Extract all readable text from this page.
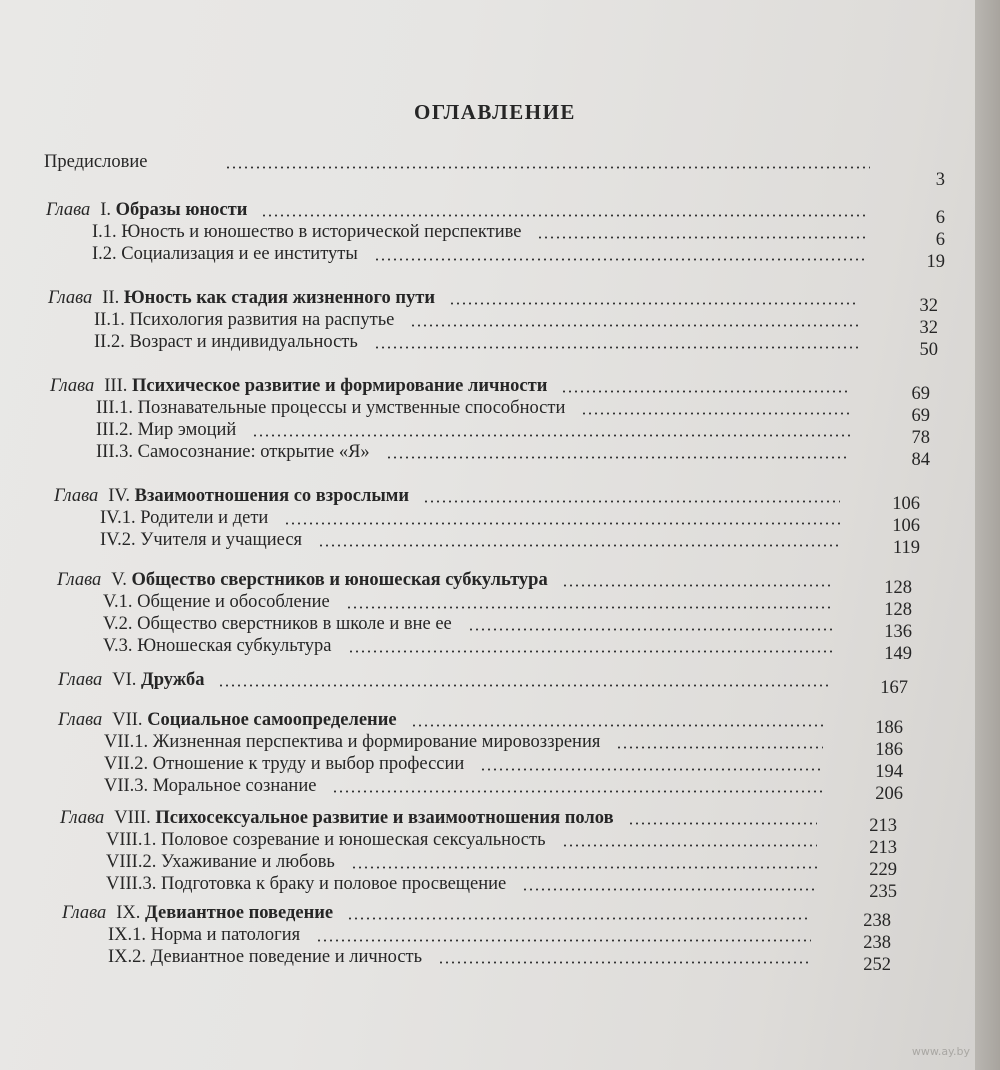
ОГЛАВЛЕНИЕ
3
Предисловие
6
Глава I. Образы юности
6
I.1. Юность и юношество в исторической перспективе
19
I.2. Социализация и ее институты
32
Глава II. Юность как стадия жизненного пути
32
II.1. Психология развития на распутье
50
II.2. Возраст и индивидуальность
69
Глава III. Психическое развитие и формирование личности
69
III.1. Познавательные процессы и умственные способности
78
III.2. Мир эмоций
84
III.3. Самосознание: открытие «Я»
106
Глава IV. Взаимоотношения со взрослыми
106
IV.1. Родители и дети
119
IV.2. Учителя и учащиеся
128
Глава V. Общество сверстников и юношеская субкультура
128
V.1. Общение и обособление
136
V.2. Общество сверстников в школе и вне ее
149
V.3. Юношеская субкультура
167
Глава VI. Дружба
186
Глава VII. Социальное самоопределение
186
VII.1. Жизненная перспектива и формирование мировоззрения
194
VII.2. Отношение к труду и выбор профессии
206
VII.3. Моральное сознание
213
Глава VIII. Психосексуальное развитие и взаимоотношения полов
213
VIII.1. Половое созревание и юношеская сексуальность
229
VIII.2. Ухаживание и любовь
235
VIII.3. Подготовка к браку и половое просвещение
238
Глава IX. Девиантное поведение
238
IX.1. Норма и патология
252
IX.2. Девиантное поведение и личность
www.ay.by
